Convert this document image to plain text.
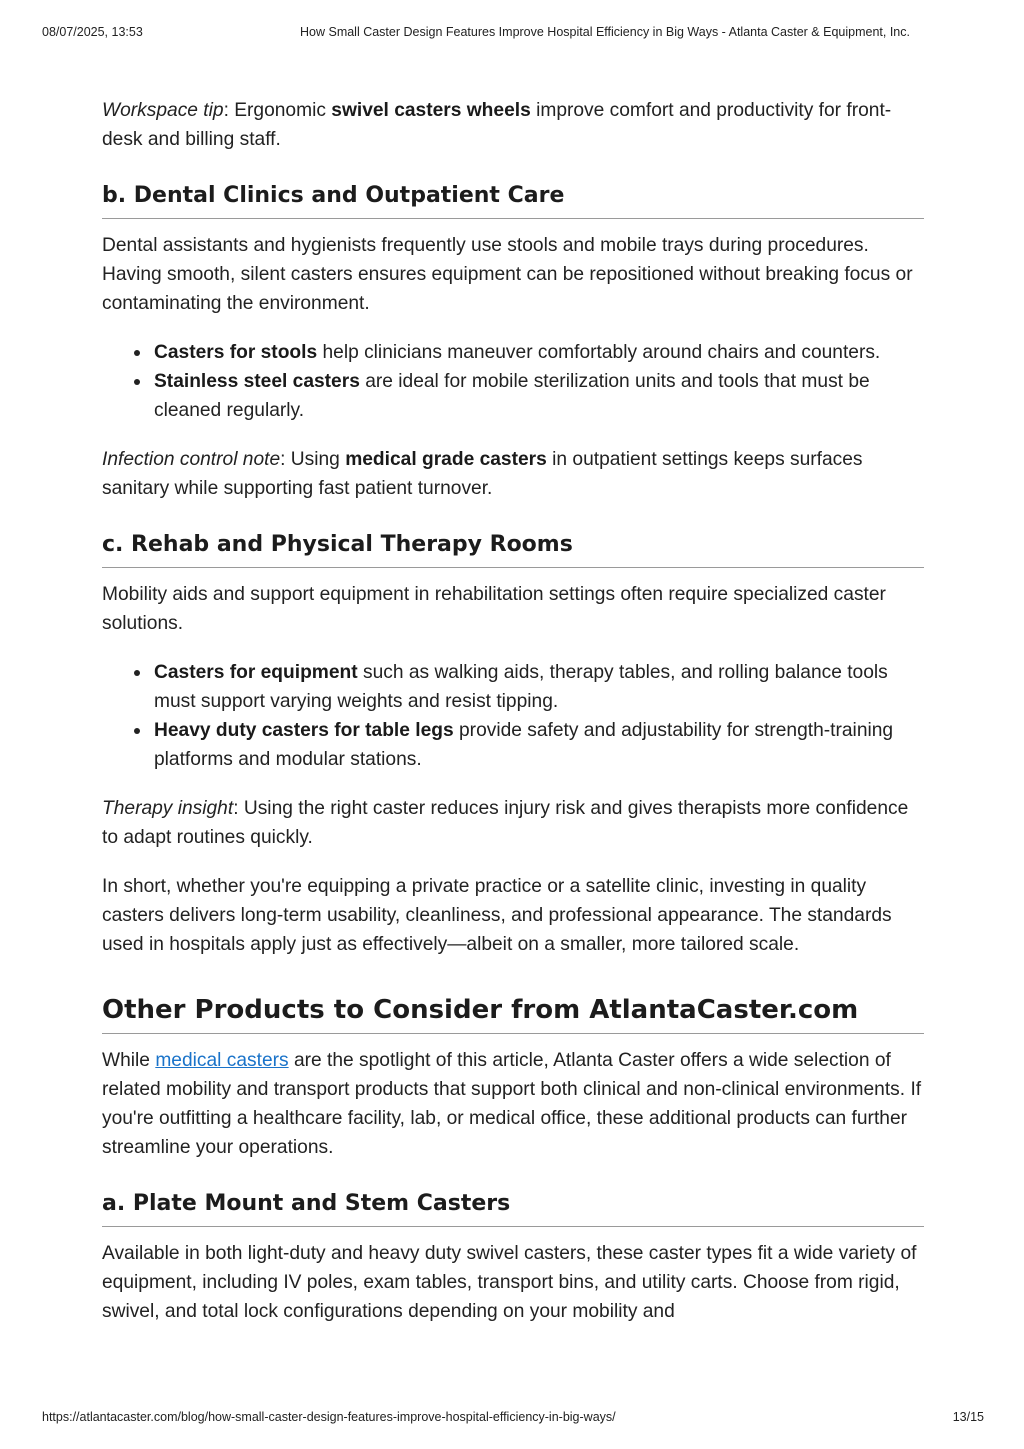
08/07/2025, 13:53	How Small Caster Design Features Improve Hospital Efficiency in Big Ways - Atlanta Caster & Equipment, Inc.

Workspace tip: Ergonomic swivel casters wheels improve comfort and productivity for front-desk and billing staff.

b. Dental Clinics and Outpatient Care

Dental assistants and hygienists frequently use stools and mobile trays during procedures. Having smooth, silent casters ensures equipment can be repositioned without breaking focus or contaminating the environment.

Casters for stools help clinicians maneuver comfortably around chairs and counters.
Stainless steel casters are ideal for mobile sterilization units and tools that must be cleaned regularly.

Infection control note: Using medical grade casters in outpatient settings keeps surfaces sanitary while supporting fast patient turnover.

c. Rehab and Physical Therapy Rooms

Mobility aids and support equipment in rehabilitation settings often require specialized caster solutions.

Casters for equipment such as walking aids, therapy tables, and rolling balance tools must support varying weights and resist tipping.
Heavy duty casters for table legs provide safety and adjustability for strength-training platforms and modular stations.

Therapy insight: Using the right caster reduces injury risk and gives therapists more confidence to adapt routines quickly.

In short, whether you're equipping a private practice or a satellite clinic, investing in quality casters delivers long-term usability, cleanliness, and professional appearance. The standards used in hospitals apply just as effectively—albeit on a smaller, more tailored scale.

Other Products to Consider from AtlantaCaster.com

While medical casters are the spotlight of this article, Atlanta Caster offers a wide selection of related mobility and transport products that support both clinical and non-clinical environments. If you're outfitting a healthcare facility, lab, or medical office, these additional products can further streamline your operations.

a. Plate Mount and Stem Casters

Available in both light-duty and heavy duty swivel casters, these caster types fit a wide variety of equipment, including IV poles, exam tables, transport bins, and utility carts. Choose from rigid, swivel, and total lock configurations depending on your mobility and

https://atlantacaster.com/blog/how-small-caster-design-features-improve-hospital-efficiency-in-big-ways/	13/15
